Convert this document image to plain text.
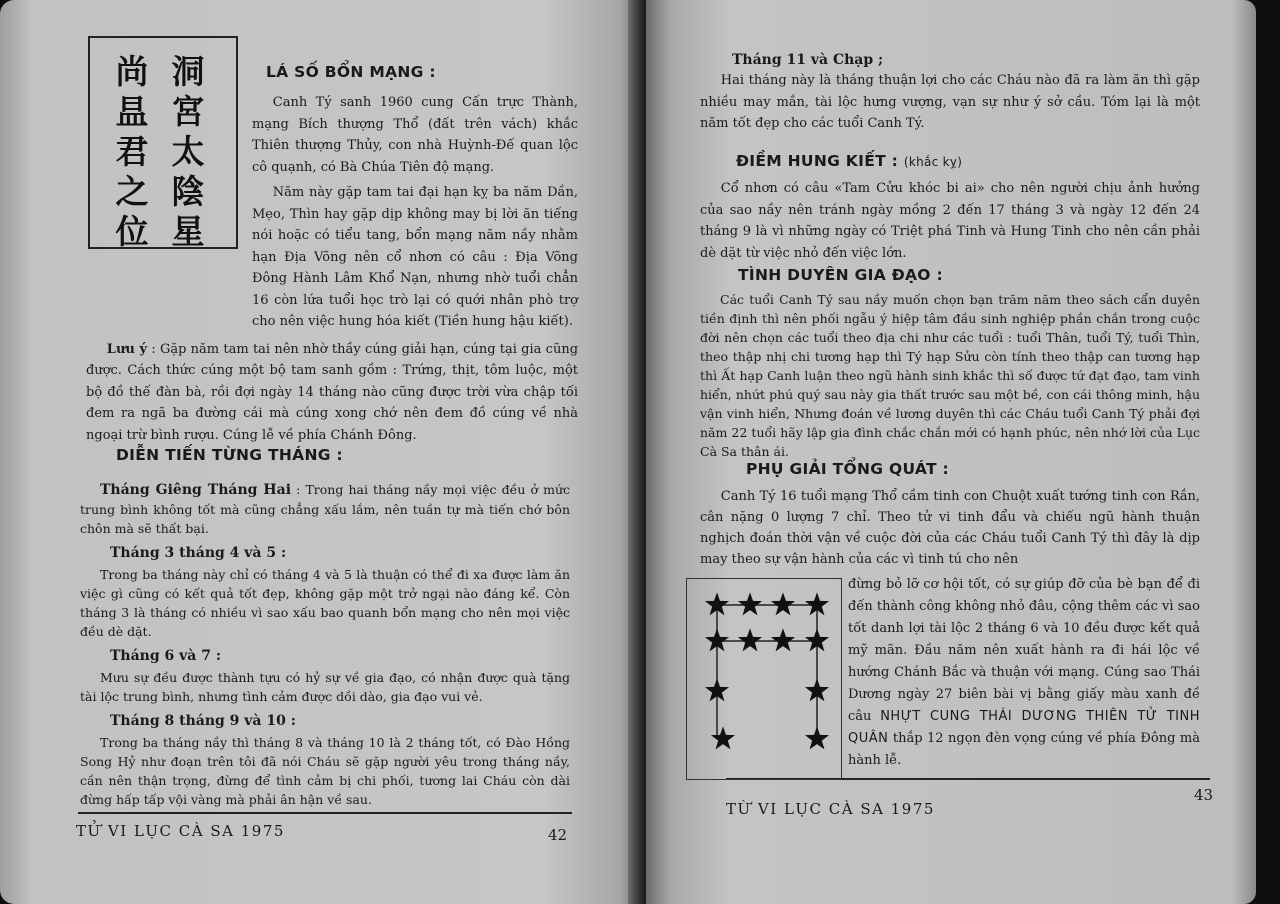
洞
宮
太
陰
星
尚
昷
君
之
位
LÁ SỐ BỔN MẠNG :

Canh Tý sanh 1960 cung Cấn trực Thành, mạng Bích thượng Thổ (đất trên vách) khắc Thiên thượng Thủy, con nhà Huỳnh-Đế quan lộc cô quạnh, có Bà Chúa Tiên độ mạng.

Năm này gặp tam tai đại hạn kỵ ba năm Dần, Mẹo, Thìn hay gặp dịp không may bị lời ăn tiếng nói hoặc có tiểu tang, bổn mạng năm nầy nhằm hạn Địa Võng nên cổ nhơn có câu : Địa Võng Đông Hành Lâm Khổ Nạn, nhưng nhờ tuổi chẳn 16 còn lứa tuổi học trò lại có quới nhân phò trợ cho nên việc hung hóa kiết (Tiền hung hậu kiết).

Lưu ý : Gặp năm tam tai nên nhờ thầy cúng giải hạn, cúng tại gia cũng được. Cách thức cúng một bộ tam sanh gồm : Trứng, thịt, tôm luộc, một bộ đồ thế đàn bà, rồi đợi ngày 14 tháng nào cũng được trời vừa chập tối đem ra ngã ba đường cái mà cúng xong chớ nên đem đồ cúng về nhà ngoại trừ bình rượu. Cúng lễ về phía Chánh Đông.

DIỄN TIẾN TỪNG THÁNG :

Tháng Giêng Tháng Hai : Trong hai tháng nầy mọi việc đều ở mức trung bình không tốt mà cũng chẳng xấu lắm, nên tuần tự mà tiến chớ bôn chôn mà sẽ thất bại.

Tháng 3 tháng 4 và 5 :

Trong ba tháng này chỉ có tháng 4 và 5 là thuận có thể đi xa được làm ăn việc gì cũng có kết quả tốt đẹp, không gặp một trở ngại nào đáng kể. Còn tháng 3 là tháng có nhiều vì sao xấu bao quanh bổn mạng cho nên mọi việc đều dè dặt.

Tháng 6 và 7 :

Mưu sự đều được thành tựu có hỷ sự về gia đạo, có nhận được quà tặng tài lộc trung bình, nhưng tình cảm được dồi dào, gia đạo vui vẻ.

Tháng 8 tháng 9 và 10 :

Trong ba tháng nầy thì tháng 8 và tháng 10 là 2 tháng tốt, có Đào Hồng Song Hỷ như đoạn trên tôi đã nói Cháu sẽ gặp người yêu trong tháng nầy, cần nên thận trọng, đừng để tình cảm bị chi phối, tương lai Cháu còn dài đừng hấp tấp vội vàng mà phải ân hận về sau.

TỬ VI LỤC CÀ SA 1975	42
Tháng 11 và Chạp ;

Hai tháng này là tháng thuận lợi cho các Cháu nào đã ra làm ăn thì gặp nhiều may mắn, tài lộc hưng vượng, vạn sự như ý sở cầu. Tóm lại là một năm tốt đẹp cho các tuổi Canh Tý.

ĐIỀM HUNG KIẾT : (khắc kỵ)

Cổ nhơn có câu «Tam Cửu khóc bi ai» cho nên người chịu ảnh hưởng của sao nầy nên tránh ngày mồng 2 đến 17 tháng 3 và ngày 12 đến 24 tháng 9 là vì những ngày có Triệt phá Tinh và Hung Tinh cho nên cần phải dè dặt từ việc nhỏ đến việc lớn.

TÌNH DUYÊN GIA ĐẠO :

Các tuổi Canh Tý sau nầy muốn chọn bạn trăm năm theo sách cẩn duyên tiền định thì nên phối ngẫu ý hiệp tâm đầu sinh nghiệp phần chắn trong cuộc đời nên chọn các tuổi theo địa chi như các tuổi : tuổi Thân, tuổi Tý, tuổi Thìn, theo thập nhị chi tương hạp thì Tý hạp Sửu còn tính theo thập can tương hạp thì Ất hạp Canh luận theo ngũ hành sinh khắc thì số được tứ đạt đạo, tam vinh hiển, nhứt phú quý sau này gia thất trước sau một bề, con cái thông minh, hậu vận vinh hiển, Nhưng đoán về lương duyên thì các Cháu tuổi Canh Tý phải đợi năm 22 tuổi hãy lập gia đình chắc chắn mới có hạnh phúc, nên nhớ lời của Lục Cà Sa thân ái.

PHỤ GIẢI TỔNG QUÁT :

Canh Tý 16 tuổi mạng Thổ cầm tinh con Chuột xuất tướng tinh con Rắn, cân nặng 0 lượng 7 chỉ. Theo tử vi tinh đẩu và chiếu ngũ hành thuận nghịch đoán thời vận về cuộc đời của các Cháu tuổi Canh Tý thì đây là dịp may theo sự vận hành của các vì tinh tú cho nên

đừng bỏ lỡ cơ hội tốt, có sự giúp đỡ của bè bạn để đi đến thành công không nhỏ đâu, cộng thêm các vì sao tốt danh lợi tài lộc 2 tháng 6 và 10 đều được kết quả mỹ mãn. Đầu năm nên xuất hành ra đi hái lộc về hướng Chánh Bắc và thuận với mạng. Cúng sao Thái Dương ngày 27 biên bài vị bằng giấy màu xanh đề câu NHỰT CUNG THÁI DƯƠNG THIÊN TỬ TINH QUÂN thắp 12 ngọn đèn vọng cúng về phía Đông mà hành lễ.

TỪ VI LỤC CÀ SA 1975
43
